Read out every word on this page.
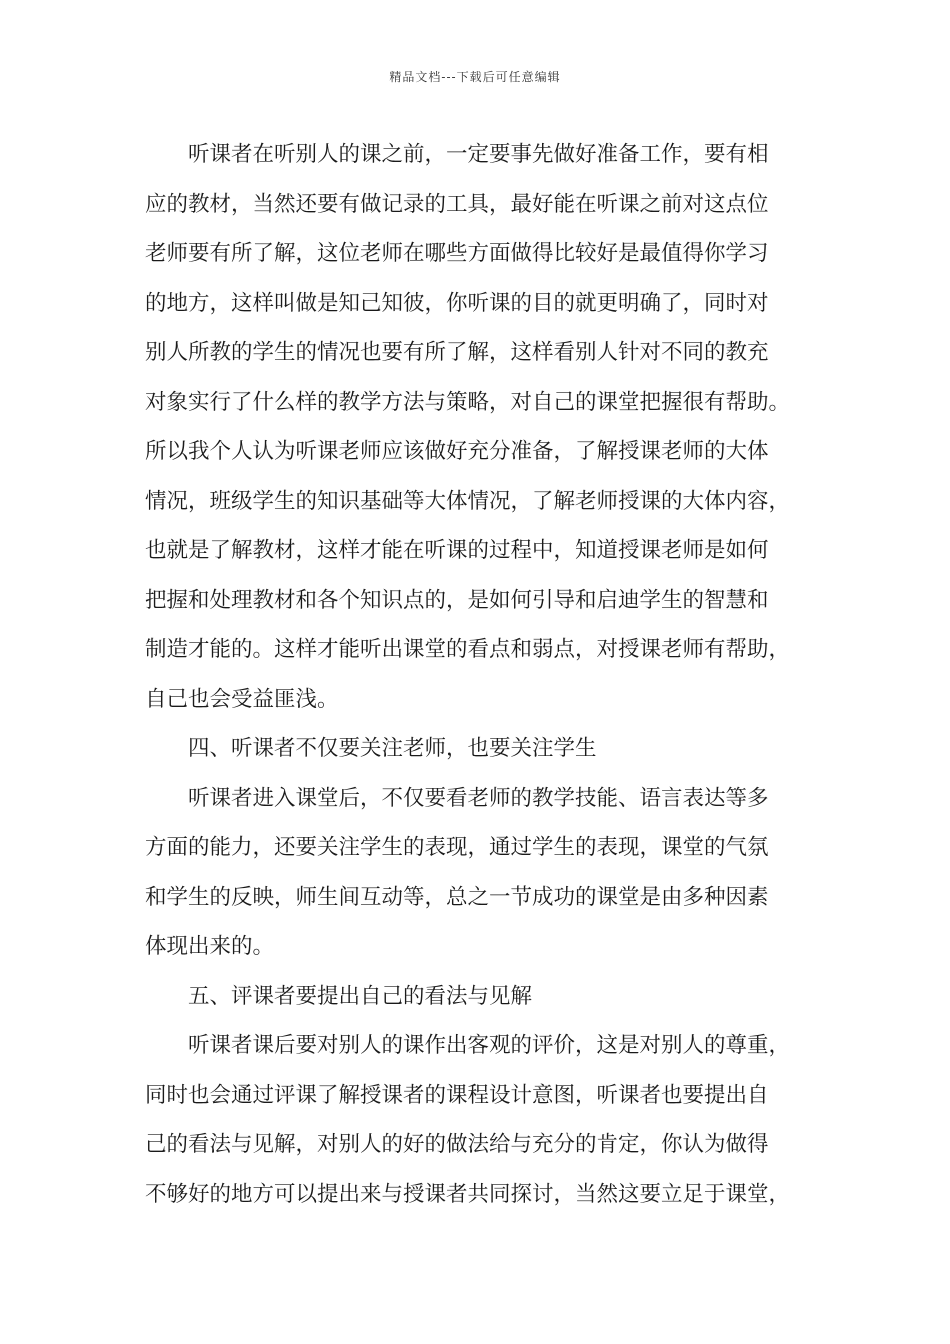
精品文档---下载后可任意编辑
听课者在听别人的课之前，一定要事先做好准备工作，要有相
应的教材，当然还要有做记录的工具，最好能在听课之前对这点位
老师要有所了解，这位老师在哪些方面做得比较好是最值得你学习
的地方，这样叫做是知己知彼，你听课的目的就更明确了，同时对
别人所教的学生的情况也要有所了解，这样看别人针对不同的教充
对象实行了什么样的教学方法与策略，对自己的课堂把握很有帮助。
所以我个人认为听课老师应该做好充分准备，了解授课老师的大体
情况，班级学生的知识基础等大体情况，了解老师授课的大体内容，
也就是了解教材，这样才能在听课的过程中，知道授课老师是如何
把握和处理教材和各个知识点的，是如何引导和启迪学生的智慧和
制造才能的。这样才能听出课堂的看点和弱点，对授课老师有帮助，
自己也会受益匪浅。
四、听课者不仅要关注老师，也要关注学生
听课者进入课堂后，不仅要看老师的教学技能、语言表达等多
方面的能力，还要关注学生的表现，通过学生的表现，课堂的气氛
和学生的反映，师生间互动等，总之一节成功的课堂是由多种因素
体现出来的。
五、评课者要提出自己的看法与见解
听课者课后要对别人的课作出客观的评价，这是对别人的尊重，
同时也会通过评课了解授课者的课程设计意图，听课者也要提出自
己的看法与见解，对别人的好的做法给与充分的肯定，你认为做得
不够好的地方可以提出来与授课者共同探讨，当然这要立足于课堂，
